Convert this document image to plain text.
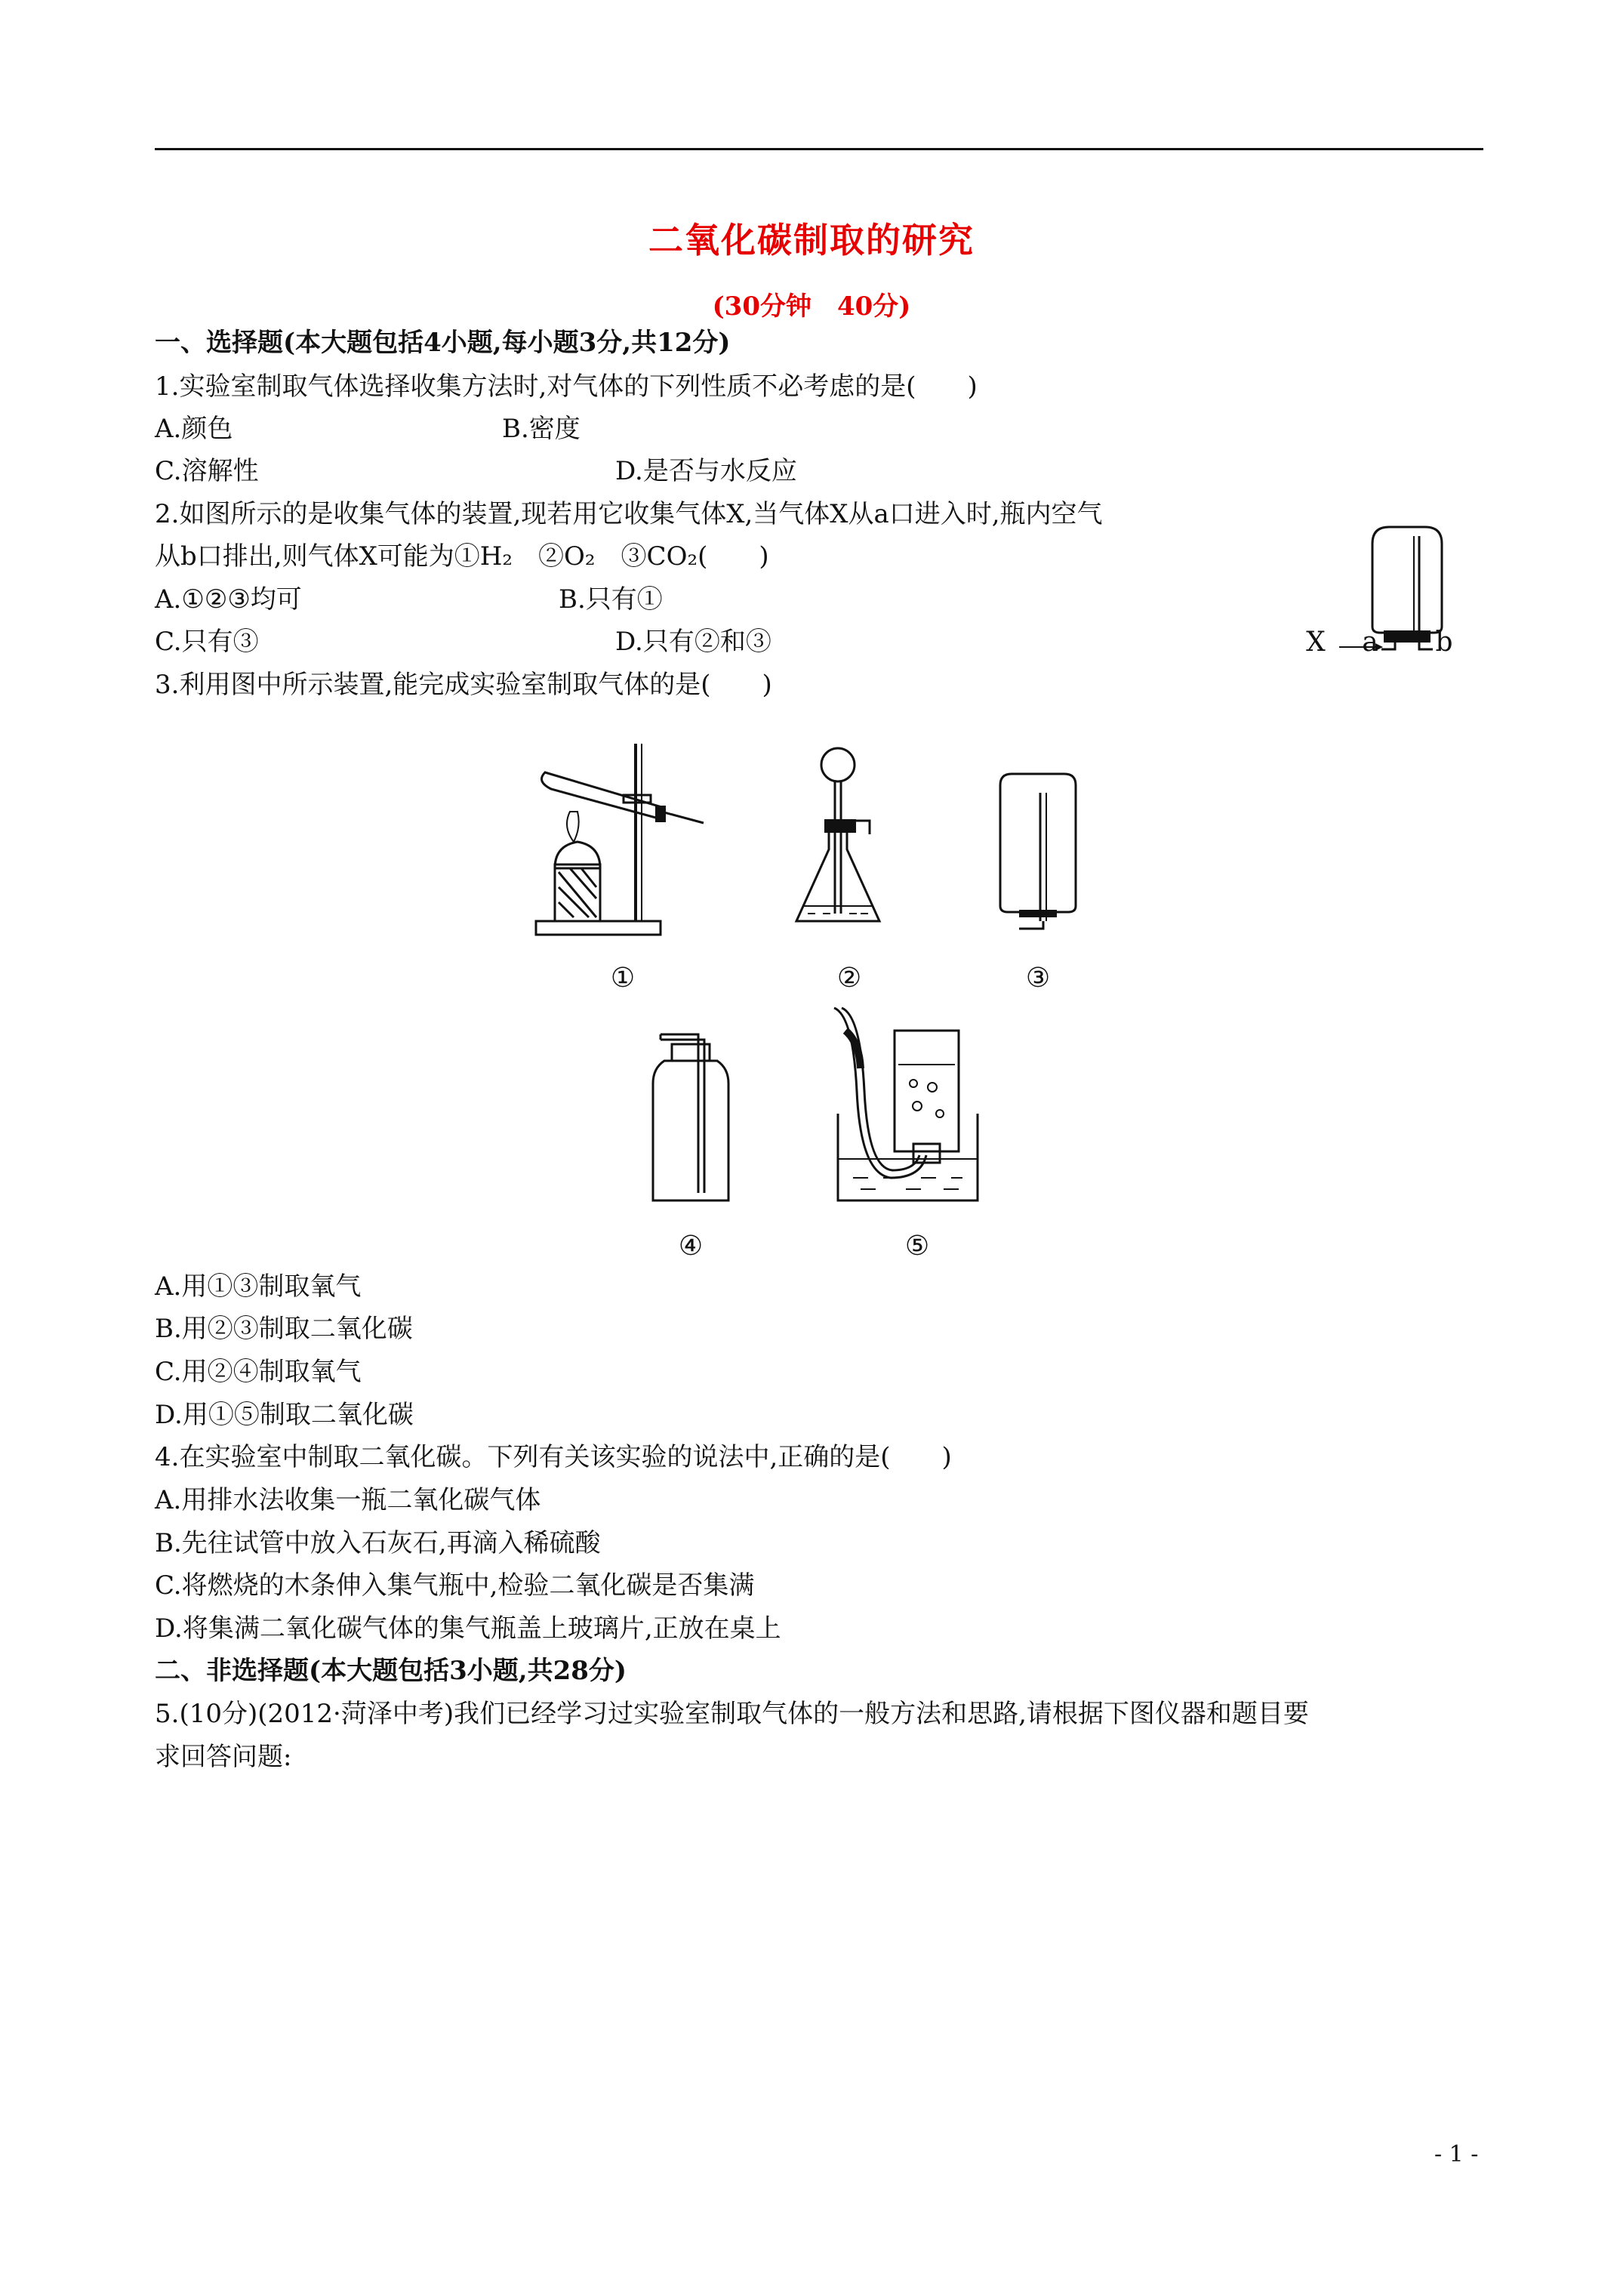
二氧化碳制取的研究
(30分钟　40分)
一、选择题(本大题包括4小题,每小题3分,共12分)
1.实验室制取气体选择收集方法时,对气体的下列性质不必考虑的是(　　)
A.颜色	B.密度
C.溶解性	D.是否与水反应
2.如图所示的是收集气体的装置,现若用它收集气体X,当气体X从a口进入时,瓶内空气
从b口排出,则气体X可能为①H₂　②O₂　③CO₂(　　)
A.①②③均可	B.只有①
C.只有③	D.只有②和③	X a b
3.利用图中所示装置,能完成实验室制取气体的是(　　)
①	②	③
④	⑤
A.用①③制取氧气
B.用②③制取二氧化碳
C.用②④制取氧气
D.用①⑤制取二氧化碳
4.在实验室中制取二氧化碳。下列有关该实验的说法中,正确的是(　　)
A.用排水法收集一瓶二氧化碳气体
B.先往试管中放入石灰石,再滴入稀硫酸
C.将燃烧的木条伸入集气瓶中,检验二氧化碳是否集满
D.将集满二氧化碳气体的集气瓶盖上玻璃片,正放在桌上
二、非选择题(本大题包括3小题,共28分)
5.(10分)(2012·菏泽中考)我们已经学习过实验室制取气体的一般方法和思路,请根据下图仪器和题目要
求回答问题:
- 1 -
